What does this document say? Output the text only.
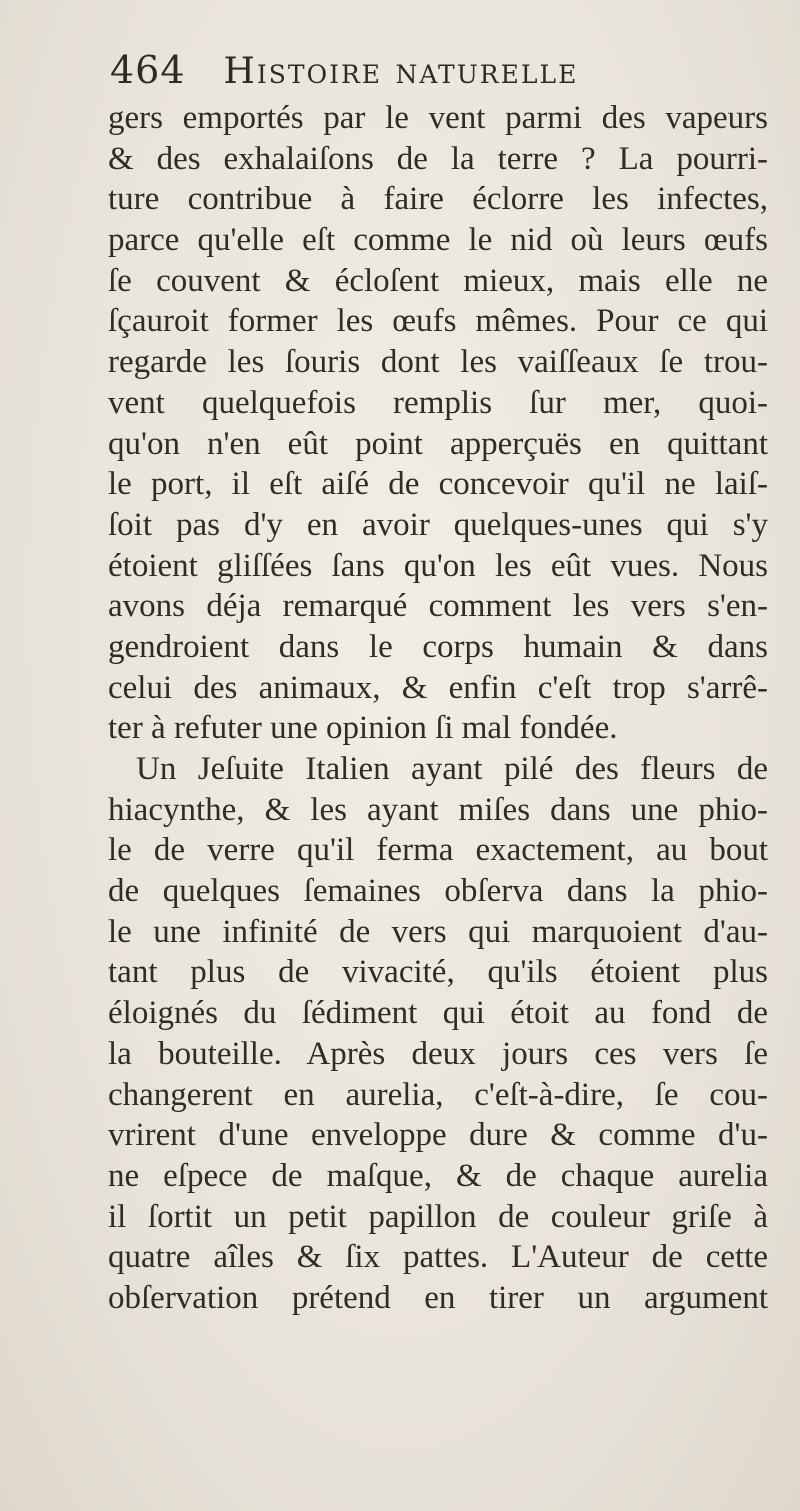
464 Histoire naturelle
gers emportés par le vent parmi des vapeurs
& des exhalaiſons de la terre ? La pourri-
ture contribue à faire éclorre les infectes,
parce qu'elle eſt comme le nid où leurs œufs
ſe couvent & écloſent mieux, mais elle ne
ſçauroit former les œufs mêmes. Pour ce qui
regarde les ſouris dont les vaiſſeaux ſe trou-
vent quelquefois remplis ſur mer, quoi-
qu'on n'en eût point apperçuës en quittant
le port, il eſt aiſé de concevoir qu'il ne laiſ-
ſoit pas d'y en avoir quelques-unes qui s'y
étoient gliſſées ſans qu'on les eût vues. Nous
avons déja remarqué comment les vers s'en-
gendroient dans le corps humain & dans
celui des animaux, & enfin c'eſt trop s'arrê-
ter à refuter une opinion ſi mal fondée.
Un Jeſuite Italien ayant pilé des fleurs de
hiacynthe, & les ayant miſes dans une phio-
le de verre qu'il ferma exactement, au bout
de quelques ſemaines obſerva dans la phio-
le une infinité de vers qui marquoient d'au-
tant plus de vivacité, qu'ils étoient plus
éloignés du ſédiment qui étoit au fond de
la bouteille. Après deux jours ces vers ſe
changerent en aurelia, c'eſt-à-dire, ſe cou-
vrirent d'une enveloppe dure & comme d'u-
ne eſpece de maſque, & de chaque aurelia
il ſortit un petit papillon de couleur griſe à
quatre aîles & ſix pattes. L'Auteur de cette
obſervation prétend en tirer un argument
